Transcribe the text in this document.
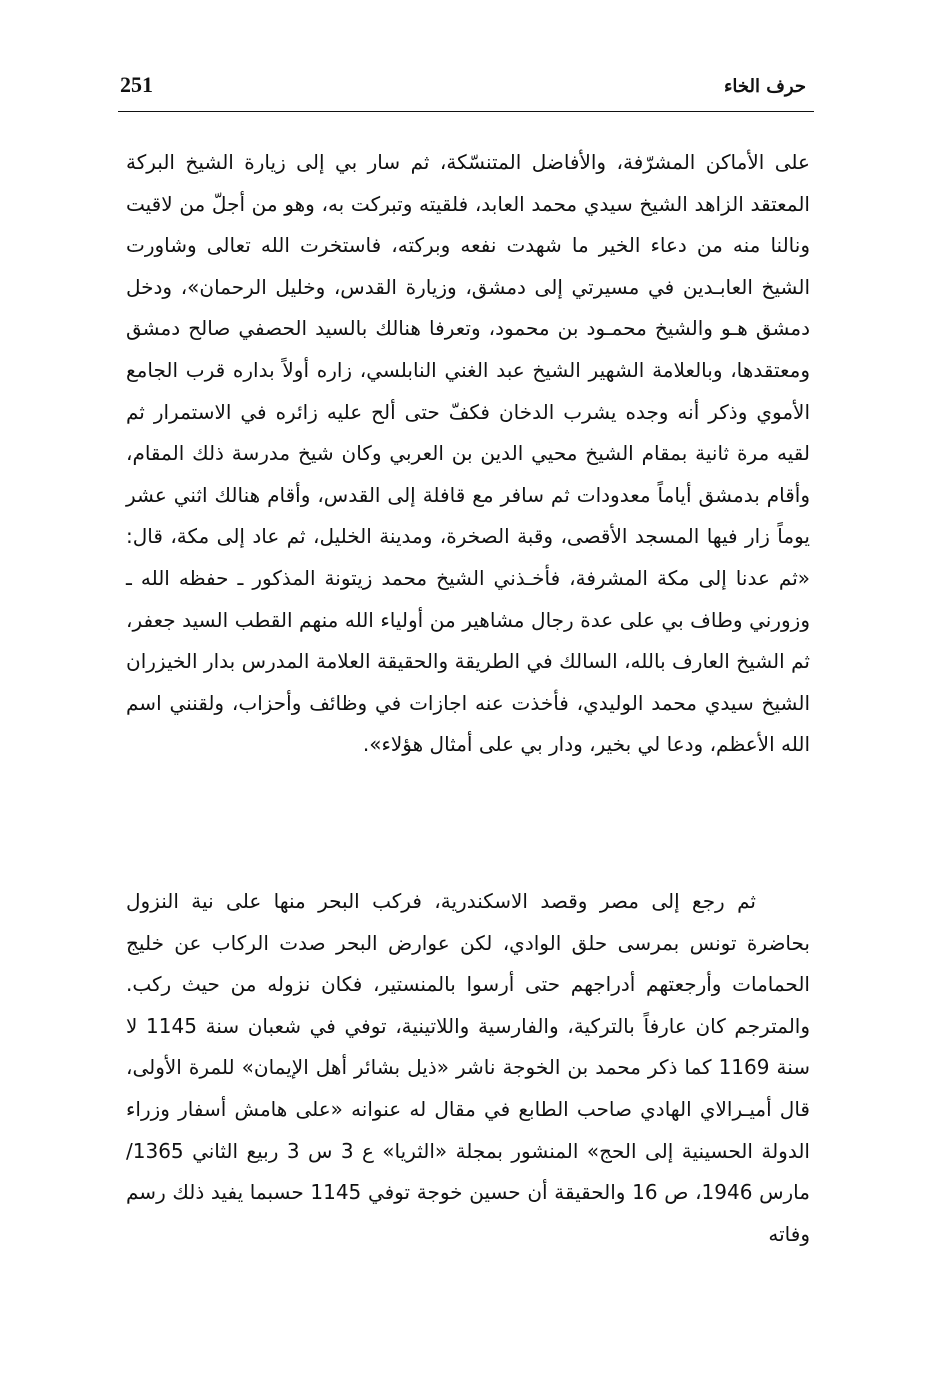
251	حرف الخاء
على الأماكن المشرّفة، والأفاضل المتنسّكة، ثم سار بي إلى زيارة الشيخ البركة المعتقد الزاهد الشيخ سيدي محمد العابد، فلقيته وتبركت به، وهو من أجلّ من لاقيت ونالنا منه من دعاء الخير ما شهدت نفعه وبركته، فاستخرت الله تعالى وشاورت الشيخ العابـدين في مسيرتي إلى دمشق، وزيارة القدس، وخليل الرحمان»، ودخل دمشق هـو والشيخ محمـود بن محمود، وتعرفا هنالك بالسيد الحصفي صالح دمشق ومعتقدها، وبالعلامة الشهير الشيخ عبد الغني النابلسي، زاره أولاً بداره قرب الجامع الأموي وذكر أنه وجده يشرب الدخان فكفّ حتى ألح عليه زائره في الاستمرار ثم لقيه مرة ثانية بمقام الشيخ محيي الدين بن العربي وكان شيخ مدرسة ذلك المقام، وأقام بدمشق أياماً معدودات ثم سافر مع قافلة إلى القدس، وأقام هنالك اثني عشر يوماً زار فيها المسجد الأقصى، وقبة الصخرة، ومدينة الخليل، ثم عاد إلى مكة، قال: «ثم عدنا إلى مكة المشرفة، فأخـذني الشيخ محمد زيتونة المذكور ـ حفظه الله ـ وزورني وطاف بي على عدة رجال مشاهير من أولياء الله منهم القطب السيد جعفر، ثم الشيخ العارف بالله، السالك في الطريقة والحقيقة العلامة المدرس بدار الخيزران الشيخ سيدي محمد الوليدي، فأخذت عنه اجازات في وظائف وأحزاب، ولقنني اسم الله الأعظم، ودعا لي بخير، ودار بي على أمثال هؤلاء».
ثم رجع إلى مصر وقصد الاسكندرية، فركب البحر منها على نية النزول بحاضرة تونس بمرسى حلق الوادي، لكن عوارض البحر صدت الركاب عن خليج الحمامات وأرجعتهم أدراجهم حتى أرسوا بالمنستير، فكان نزوله من حيث ركب. والمترجم كان عارفاً بالتركية، والفارسية واللاتينية، توفي في شعبان سنة 1145 لا سنة 1169 كما ذكر محمد بن الخوجة ناشر «ذيل بشائر أهل الإيمان» للمرة الأولى، قال أميـرالاي الهادي صاحب الطابع في مقال له عنوانه «على هامش أسفار وزراء الدولة الحسينية إلى الحج» المنشور بمجلة «الثريا» ع 3 س 3 ربيع الثاني 1365/ مارس 1946، ص 16 والحقيقة أن حسين خوجة توفي 1145 حسبما يفيد ذلك رسم وفاته
